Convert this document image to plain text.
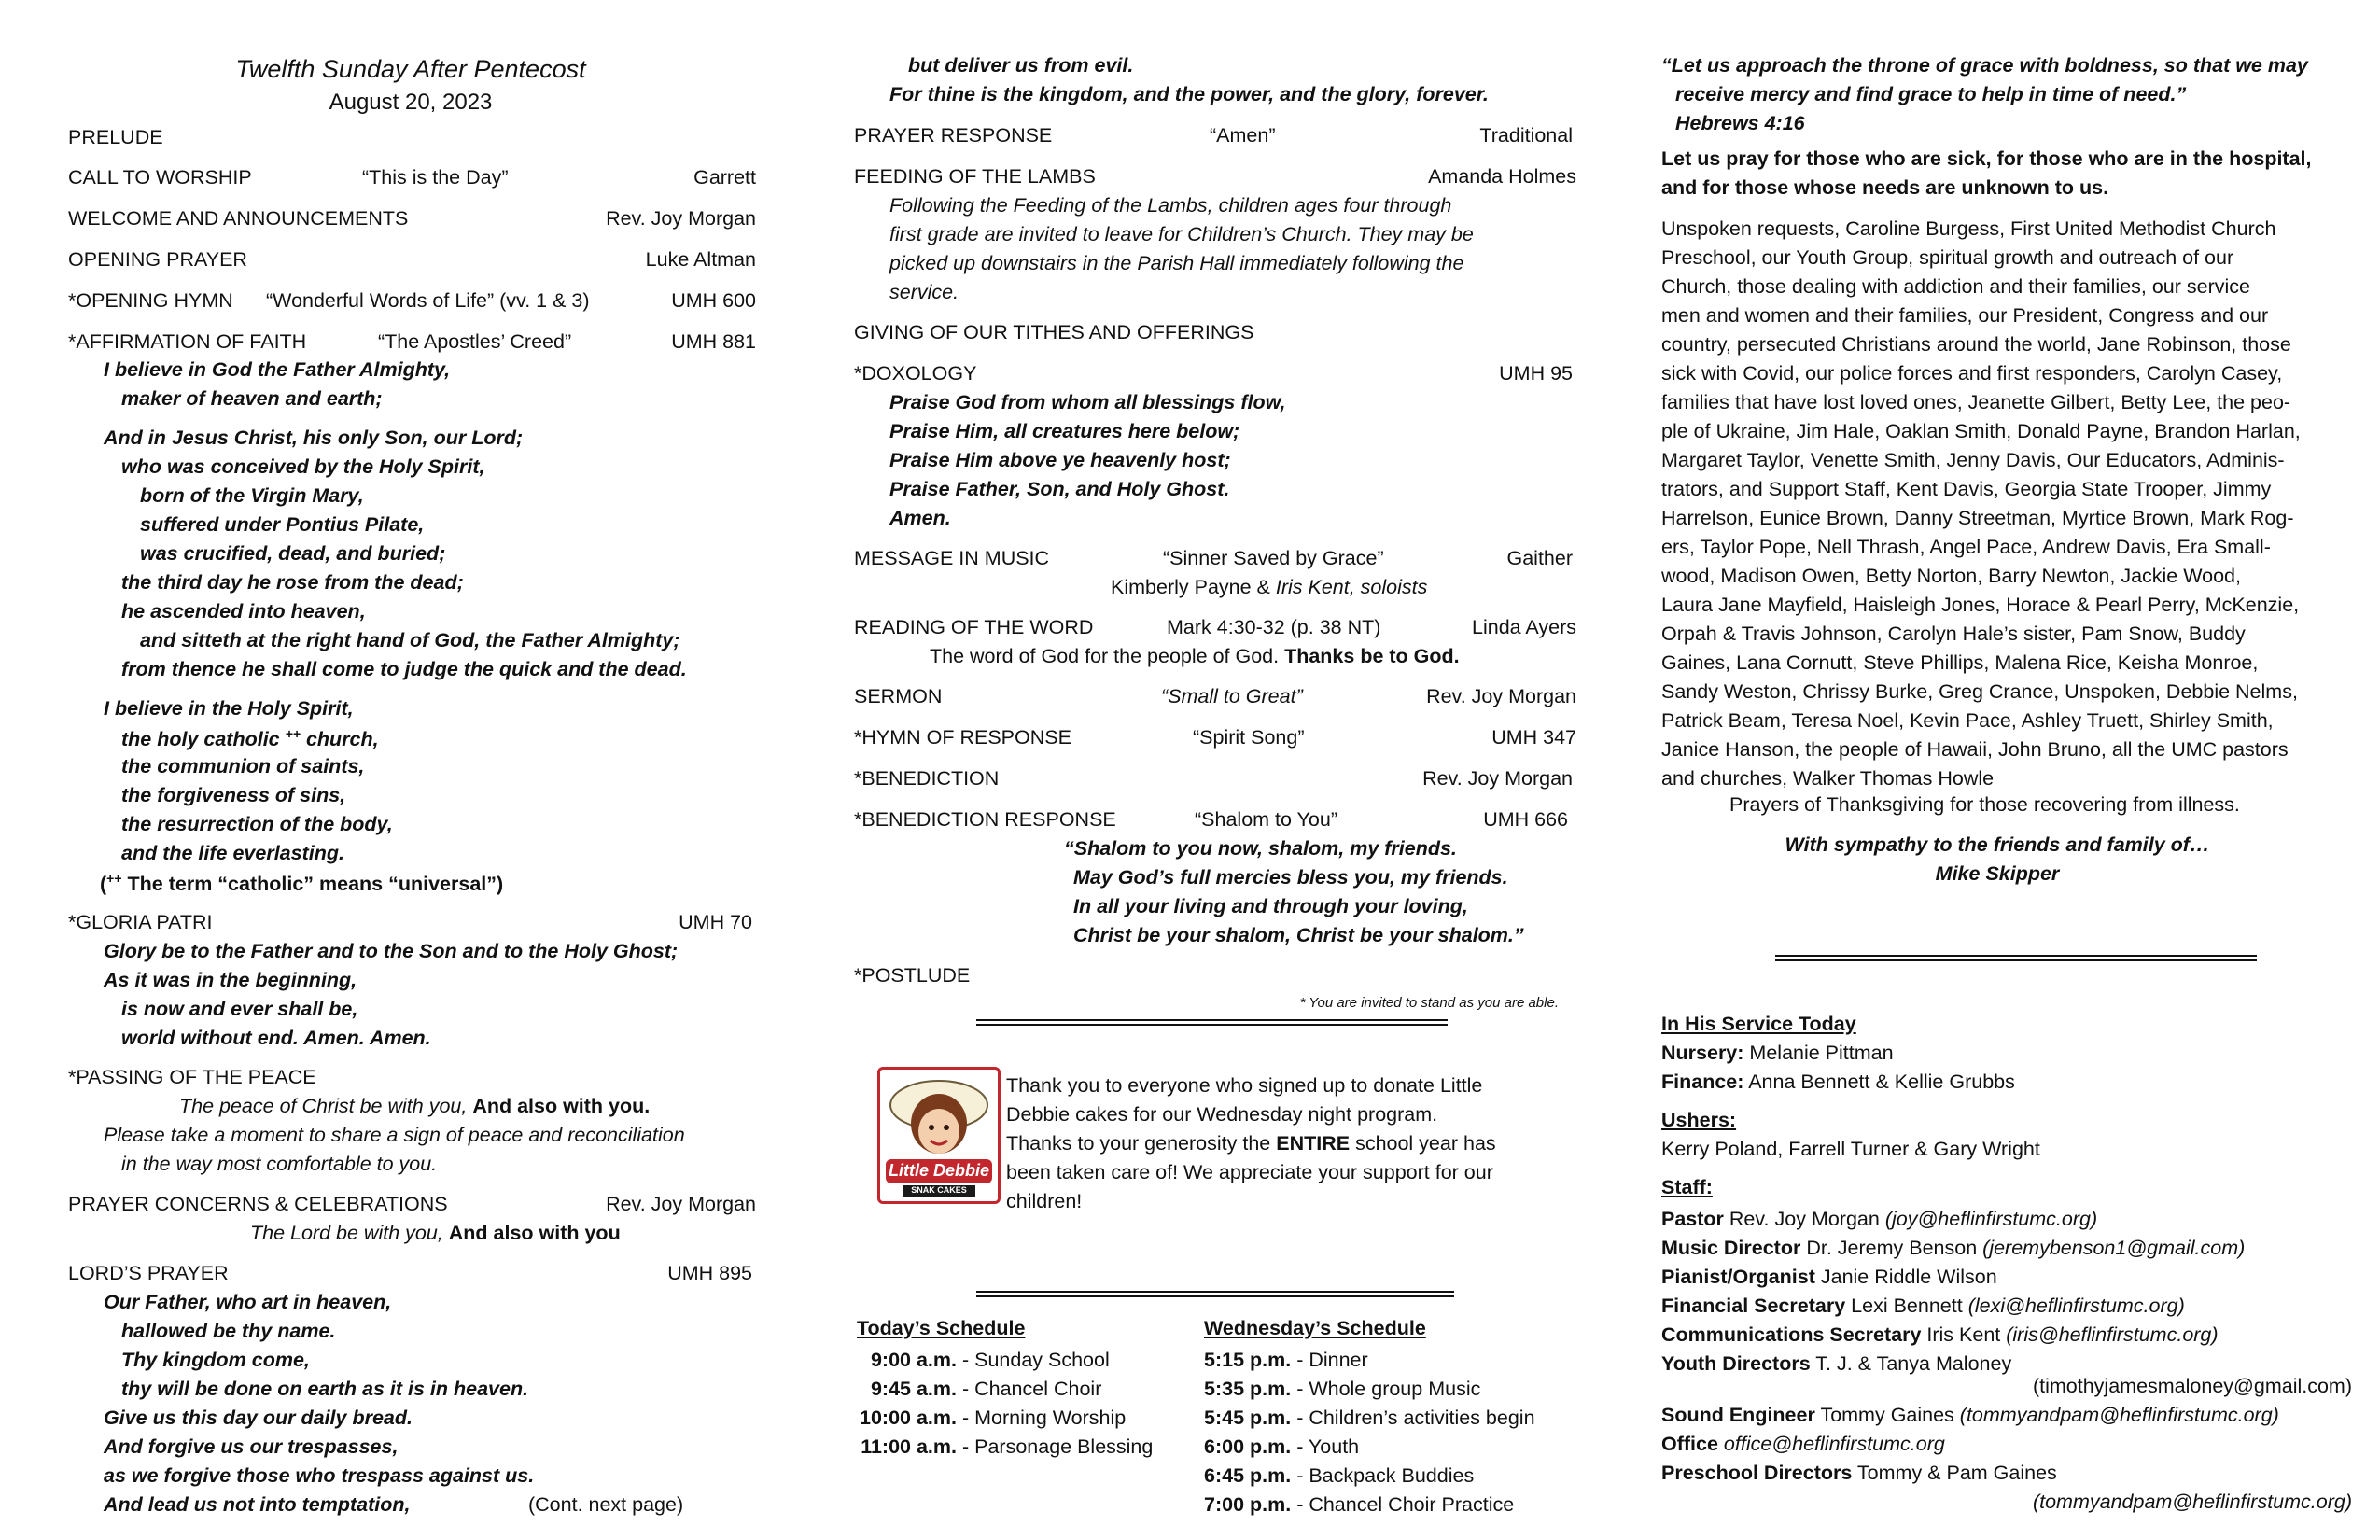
Twelfth Sunday After Pentecost
August 20, 2023
PRELUDE
CALL TO WORSHIP	“This is the Day”	Garrett
WELCOME AND ANNOUNCEMENTS	Rev. Joy Morgan
OPENING PRAYER	Luke Altman
*OPENING HYMN “Wonderful Words of Life” (vv. 1 & 3)	UMH 600
*AFFIRMATION OF FAITH	“The Apostles’ Creed”	UMH 881
I believe in God the Father Almighty,
maker of heaven and earth;
And in Jesus Christ, his only Son, our Lord;
who was conceived by the Holy Spirit,
born of the Virgin Mary,
suffered under Pontius Pilate,
was crucified, dead, and buried;
the third day he rose from the dead;
he ascended into heaven,
and sitteth at the right hand of God, the Father Almighty;
from thence he shall come to judge the quick and the dead.
I believe in the Holy Spirit,
the holy catholic ++ church,
the communion of saints,
the forgiveness of sins,
the resurrection of the body,
and the life everlasting.
(++ The term “catholic” means “universal”)
*GLORIA PATRI	UMH 70
Glory be to the Father and to the Son and to the Holy Ghost;
As it was in the beginning,
is now and ever shall be,
world without end. Amen. Amen.
*PASSING OF THE PEACE
The peace of Christ be with you, And also with you.
Please take a moment to share a sign of peace and reconciliation
in the way most comfortable to you.
PRAYER CONCERNS & CELEBRATIONS	Rev. Joy Morgan
The Lord be with you, And also with you
LORD’S PRAYER	UMH 895
Our Father, who art in heaven,
hallowed be thy name.
Thy kingdom come,
thy will be done on earth as it is in heaven.
Give us this day our daily bread.
And forgive us our trespasses,
as we forgive those who trespass against us.
And lead us not into temptation,	(Cont. next page)
but deliver us from evil.
For thine is the kingdom, and the power, and the glory, forever.
PRAYER RESPONSE	“Amen”	Traditional
FEEDING OF THE LAMBS	Amanda Holmes
Following the Feeding of the Lambs, children ages four through
first grade are invited to leave for Children’s Church. They may be
picked up downstairs in the Parish Hall immediately following the
service.
GIVING OF OUR TITHES AND OFFERINGS
*DOXOLOGY	UMH 95
Praise God from whom all blessings flow,
Praise Him, all creatures here below;
Praise Him above ye heavenly host;
Praise Father, Son, and Holy Ghost.
Amen.
MESSAGE IN MUSIC	“Sinner Saved by Grace”	Gaither
Kimberly Payne & Iris Kent, soloists
READING OF THE WORD	Mark 4:30-32 (p. 38 NT)	Linda Ayers
The word of God for the people of God. Thanks be to God.
SERMON	“Small to Great”	Rev. Joy Morgan
*HYMN OF RESPONSE	“Spirit Song”	UMH 347
*BENEDICTION	Rev. Joy Morgan
*BENEDICTION RESPONSE	“Shalom to You”	UMH 666
“Shalom to you now, shalom, my friends.
May God’s full mercies bless you, my friends.
In all your living and through your loving,
Christ be your shalom, Christ be your shalom.”
*POSTLUDE
* You are invited to stand as you are able.
Little Debbie
SNAK CAKES
Thank you to everyone who signed up to donate Little
Debbie cakes for our Wednesday night program.
Thanks to your generosity the ENTIRE school year has
been taken care of! We appreciate your support for our
children!
Today’s Schedule
9:00 a.m. - Sunday School
9:45 a.m. - Chancel Choir
10:00 a.m. - Morning Worship
11:00 a.m. - Parsonage Blessing
Wednesday’s Schedule
5:15 p.m. - Dinner
5:35 p.m. - Whole group Music
5:45 p.m. - Children’s activities begin
6:00 p.m. - Youth
6:45 p.m. - Backpack Buddies
7:00 p.m. - Chancel Choir Practice
“Let us approach the throne of grace with boldness, so that we may
receive mercy and find grace to help in time of need.”
Hebrews 4:16
Let us pray for those who are sick, for those who are in the hospital,
and for those whose needs are unknown to us.
Unspoken requests, Caroline Burgess, First United Methodist Church
Preschool, our Youth Group, spiritual growth and outreach of our
Church, those dealing with addiction and their families, our service
men and women and their families, our President, Congress and our
country, persecuted Christians around the world, Jane Robinson, those
sick with Covid, our police forces and first responders, Carolyn Casey,
families that have lost loved ones, Jeanette Gilbert, Betty Lee, the peo-
ple of Ukraine, Jim Hale, Oaklan Smith, Donald Payne, Brandon Harlan,
Margaret Taylor, Venette Smith, Jenny Davis, Our Educators, Adminis-
trators, and Support Staff, Kent Davis, Georgia State Trooper, Jimmy
Harrelson, Eunice Brown, Danny Streetman, Myrtice Brown, Mark Rog-
ers, Taylor Pope, Nell Thrash, Angel Pace, Andrew Davis, Era Small-
wood, Madison Owen, Betty Norton, Barry Newton, Jackie Wood,
Laura Jane Mayfield, Haisleigh Jones, Horace & Pearl Perry, McKenzie,
Orpah & Travis Johnson, Carolyn Hale’s sister, Pam Snow, Buddy
Gaines, Lana Cornutt, Steve Phillips, Malena Rice, Keisha Monroe,
Sandy Weston, Chrissy Burke, Greg Crance, Unspoken, Debbie Nelms,
Patrick Beam, Teresa Noel, Kevin Pace, Ashley Truett, Shirley Smith,
Janice Hanson, the people of Hawaii, John Bruno, all the UMC pastors
and churches, Walker Thomas Howle
Prayers of Thanksgiving for those recovering from illness.
With sympathy to the friends and family of…
Mike Skipper
In His Service Today
Nursery: Melanie Pittman
Finance: Anna Bennett & Kellie Grubbs
Ushers:
Kerry Poland, Farrell Turner & Gary Wright
Staff:
Pastor Rev. Joy Morgan (joy@heflinfirstumc.org)
Music Director Dr. Jeremy Benson (jeremybenson1@gmail.com)
Pianist/Organist Janie Riddle Wilson
Financial Secretary Lexi Bennett (lexi@heflinfirstumc.org)
Communications Secretary Iris Kent (iris@heflinfirstumc.org)
Youth Directors T. J. & Tanya Maloney
(timothyjamesmaloney@gmail.com)
Sound Engineer Tommy Gaines (tommyandpam@heflinfirstumc.org)
Office office@heflinfirstumc.org
Preschool Directors Tommy & Pam Gaines
(tommyandpam@heflinfirstumc.org)
